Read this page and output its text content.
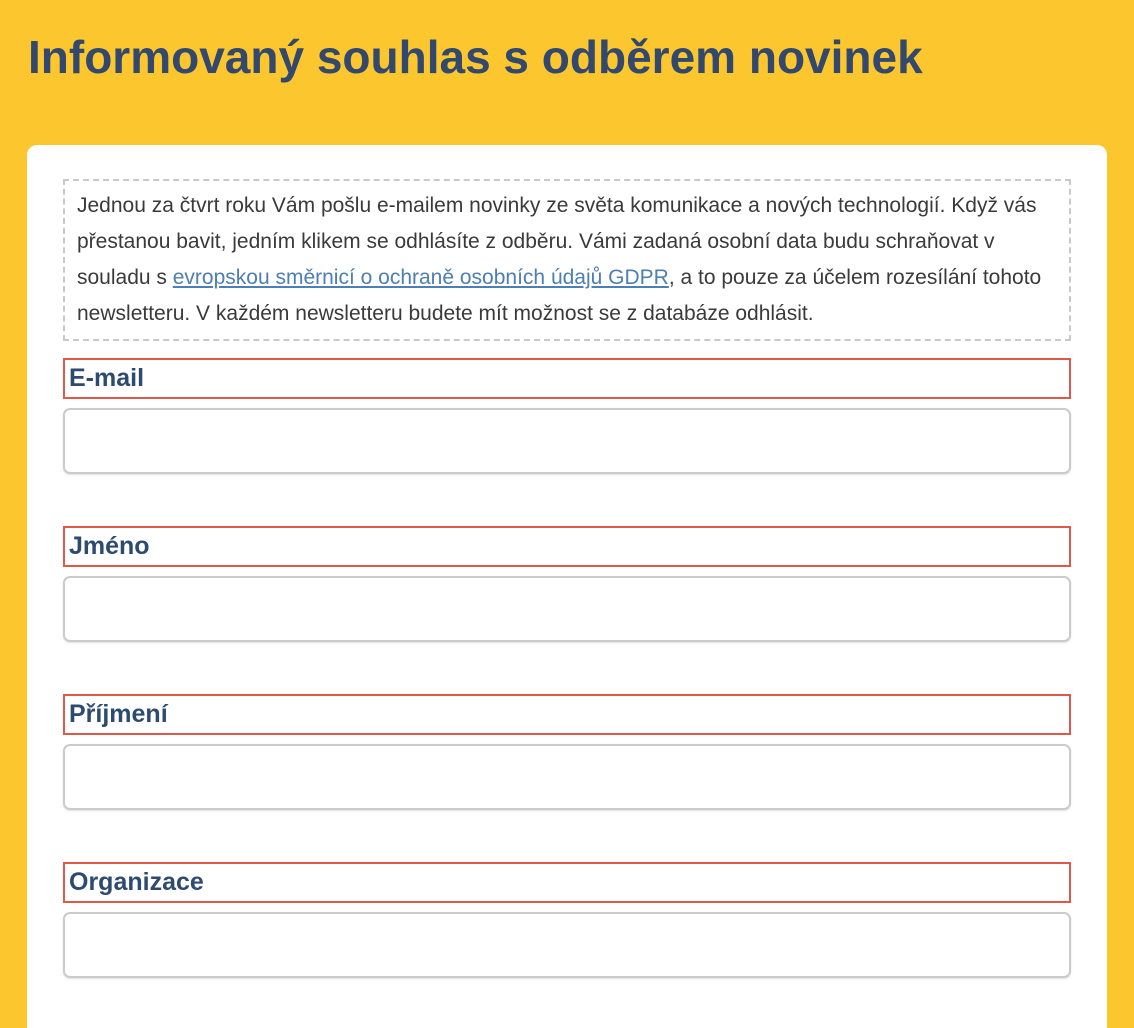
Informovaný souhlas s odběrem novinek
Jednou za čtvrt roku Vám pošlu e-mailem novinky ze světa komunikace a nových technologií. Když vás přestanou bavit, jedním klikem se odhlásíte z odběru. Vámi zadaná osobní data budu schraňovat v souladu s evropskou směrnicí o ochraně osobních údajů GDPR, a to pouze za účelem rozesílání tohoto newsletteru. V každém newsletteru budete mít možnost se z databáze odhlásit.
E-mail
Jméno
Příjmení
Organizace
